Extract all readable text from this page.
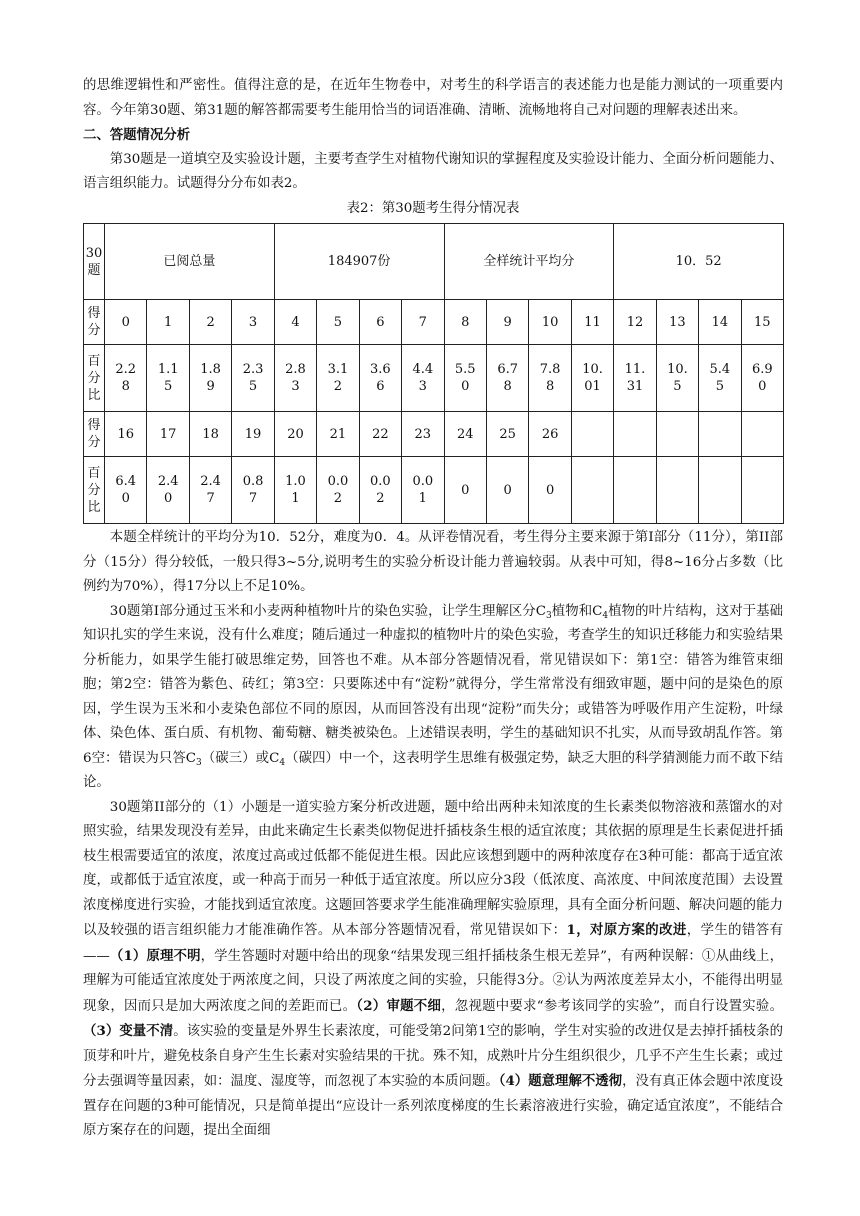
的思维逻辑性和严密性。值得注意的是，在近年生物卷中，对考生的科学语言的表述能力也是能力测试的一项重要内容。今年第30题、第31题的解答都需要考生能用恰当的词语准确、清晰、流畅地将自己对问题的理解表述出来。

二、答题情况分析

第30题是一道填空及实验设计题，主要考查学生对植物代谢知识的掌握程度及实验设计能力、全面分析问题能力、语言组织能力。试题得分分布如表2。

表2：第30题考生得分情况表

30题	已阅总量				184907份				全样统计平均分				10．52			
得分	0	1	2	3	4	5	6	7	8	9	10	11	12	13	14	15
百分比	2.28	1.15	1.89	2.35	2.83	3.12	3.66	4.43	5.50	6.78	7.88	10.01	11.31	10.5	5.45	6.90
得分	16	17	18	19	20	21	22	23	24	25	26					
百分比	6.40	2.40	2.47	0.87	1.01	0.02	0.02	0.01	0	0	0					

本题全样统计的平均分为10．52分，难度为0．4。从评卷情况看，考生得分主要来源于第Ⅰ部分（11分），第II部分（15分）得分较低，一般只得3~5分,说明考生的实验分析设计能力普遍较弱。从表中可知，得8~16分占多数（比例约为70%），得17分以上不足10%。

30题第Ⅰ部分通过玉米和小麦两种植物叶片的染色实验，让学生理解区分$C_3$植物和$C_4$植物的叶片结构，这对于基础知识扎实的学生来说，没有什么难度；随后通过一种虚拟的植物叶片的染色实验，考查学生的知识迁移能力和实验结果分析能力，如果学生能打破思维定势，回答也不难。从本部分答题情况看，常见错误如下：第1空：错答为维管束细胞；第2空：错答为紫色、砖红；第3空：只要陈述中有“淀粉”就得分，学生常常没有细致审题，题中问的是染色的原因，学生误为玉米和小麦染色部位不同的原因，从而回答没有出现“淀粉”而失分；或错答为呼吸作用产生淀粉，叶绿体、染色体、蛋白质、有机物、葡萄糖、糖类被染色。上述错误表明，学生的基础知识不扎实，从而导致胡乱作答。第6空：错误为只答$C_3$（碳三）或$C_4$（碳四）中一个，这表明学生思维有极强定势，缺乏大胆的科学猜测能力而不敢下结论。

30题第II部分的（1）小题是一道实验方案分析改进题，题中给出两种未知浓度的生长素类似物溶液和蒸馏水的对照实验，结果发现没有差异，由此来确定生长素类似物促进扦插枝条生根的适宜浓度；其依据的原理是生长素促进扦插枝生根需要适宜的浓度，浓度过高或过低都不能促进生根。因此应该想到题中的两种浓度存在3种可能：都高于适宜浓度，或都低于适宜浓度，或一种高于而另一种低于适宜浓度。所以应分3段（低浓度、高浓度、中间浓度范围）去设置浓度梯度进行实验，才能找到适宜浓度。这题回答要求学生能准确理解实验原理，具有全面分析问题、解决问题的能力以及较强的语言组织能力才能准确作答。从本部分答题情况看，常见错误如下：1，对原方案的改进，学生的错答有——（1）原理不明，学生答题时对题中给出的现象“结果发现三组扦插枝条生根无差异”，有两种误解：①从曲线上，理解为可能适宜浓度处于两浓度之间，只设了两浓度之间的实验，只能得3分。②认为两浓度差异太小，不能得出明显现象，因而只是加大两浓度之间的差距而已。（2）审题不细，忽视题中要求“参考该同学的实验”，而自行设置实验。（3）变量不清。该实验的变量是外界生长素浓度，可能受第2问第1空的影响，学生对实验的改进仅是去掉扦插枝条的顶芽和叶片，避免枝条自身产生生长素对实验结果的干扰。殊不知，成熟叶片分生组织很少，几乎不产生生长素；或过分去强调等量因素，如：温度、湿度等，而忽视了本实验的本质问题。（4）题意理解不透彻，没有真正体会题中浓度设置存在问题的3种可能情况，只是简单提出“应设计一系列浓度梯度的生长素溶液进行实验，确定适宜浓度”，不能结合原方案存在的问题，提出全面细
